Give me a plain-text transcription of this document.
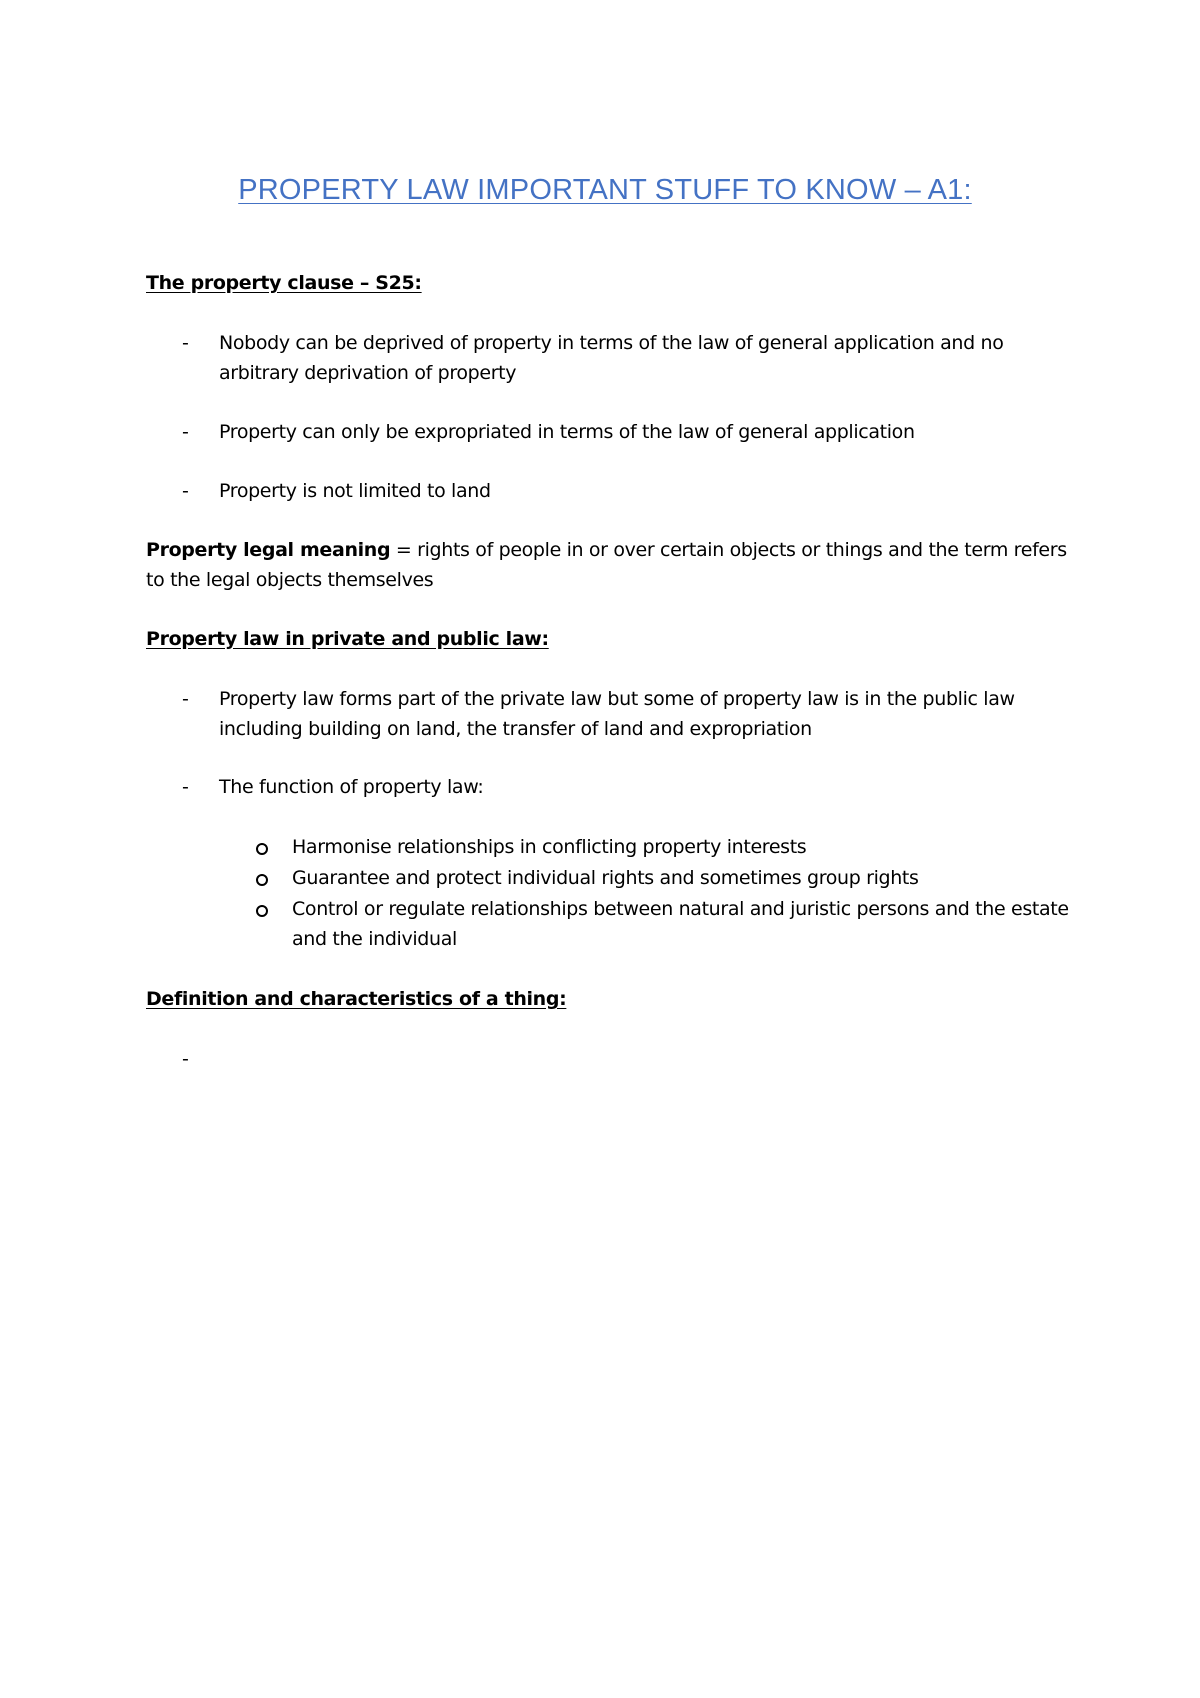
PROPERTY LAW IMPORTANT STUFF TO KNOW – A1:
The property clause – S25:
- Nobody can be deprived of property in terms of the law of general application and no arbitrary deprivation of property
- Property can only be expropriated in terms of the law of general application
- Property is not limited to land
Property legal meaning = rights of people in or over certain objects or things and the term refers to the legal objects themselves
Property law in private and public law:
- Property law forms part of the private law but some of property law is in the public law including building on land, the transfer of land and expropriation
- The function of property law:
Harmonise relationships in conflicting property interests
Guarantee and protect individual rights and sometimes group rights
Control or regulate relationships between natural and juristic persons and the estate and the individual
Definition and characteristics of a thing:
-
